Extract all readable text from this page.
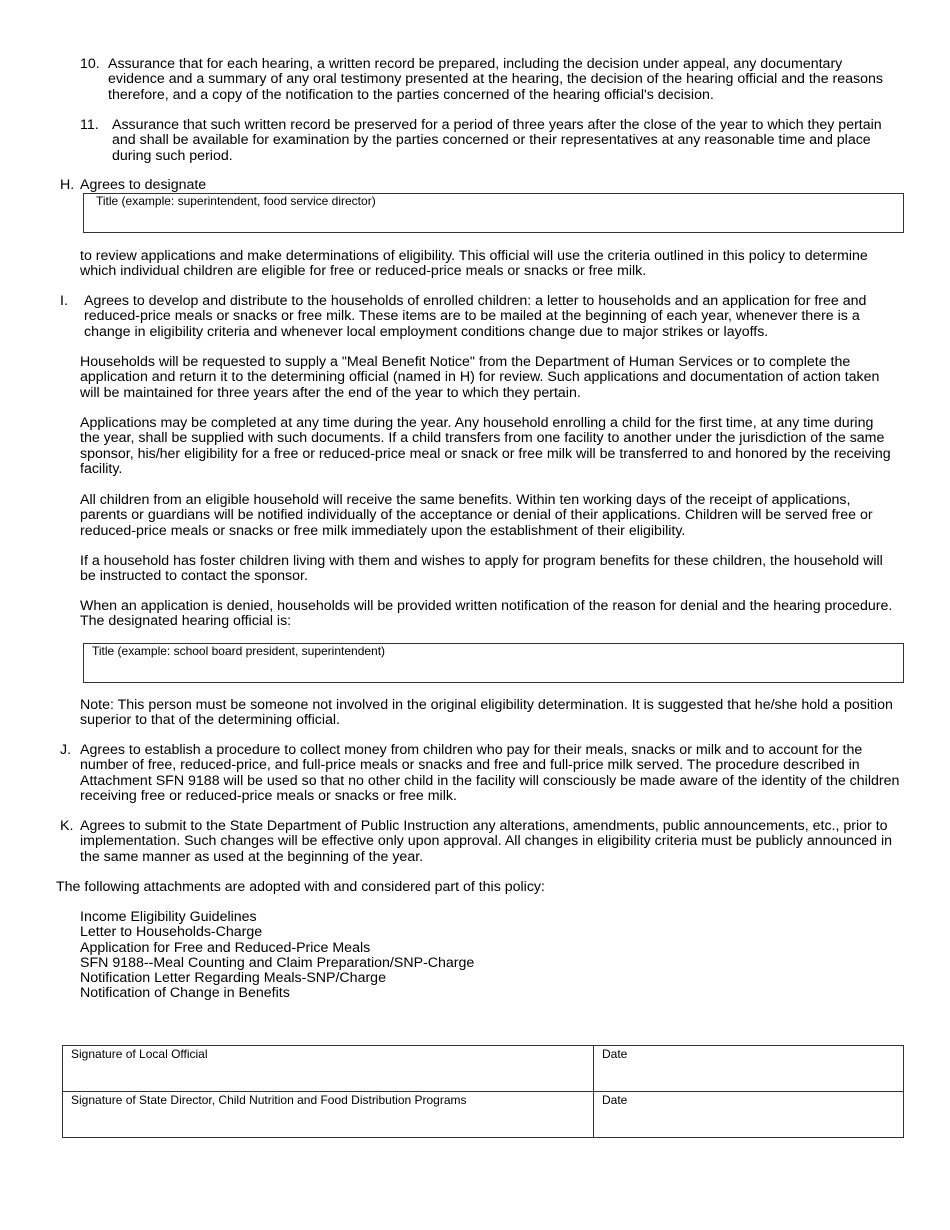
10. Assurance that for each hearing, a written record be prepared, including the decision under appeal, any documentary evidence and a summary of any oral testimony presented at the hearing, the decision of the hearing official and the reasons therefore, and a copy of the notification to the parties concerned of the hearing official's decision.
11. Assurance that such written record be preserved for a period of three years after the close of the year to which they pertain and shall be available for examination by the parties concerned or their representatives at any reasonable time and place during such period.
H. Agrees to designate
Title (example: superintendent, food service director)
to review applications and make determinations of eligibility. This official will use the criteria outlined in this policy to determine which individual children are eligible for free or reduced-price meals or snacks or free milk.
I. Agrees to develop and distribute to the households of enrolled children: a letter to households and an application for free and reduced-price meals or snacks or free milk. These items are to be mailed at the beginning of each year, whenever there is a change in eligibility criteria and whenever local employment conditions change due to major strikes or layoffs.
Households will be requested to supply a "Meal Benefit Notice" from the Department of Human Services or to complete the application and return it to the determining official (named in H) for review. Such applications and documentation of action taken will be maintained for three years after the end of the year to which they pertain.
Applications may be completed at any time during the year. Any household enrolling a child for the first time, at any time during the year, shall be supplied with such documents. If a child transfers from one facility to another under the jurisdiction of the same sponsor, his/her eligibility for a free or reduced-price meal or snack or free milk will be transferred to and honored by the receiving facility.
All children from an eligible household will receive the same benefits. Within ten working days of the receipt of applications, parents or guardians will be notified individually of the acceptance or denial of their applications. Children will be served free or reduced-price meals or snacks or free milk immediately upon the establishment of their eligibility.
If a household has foster children living with them and wishes to apply for program benefits for these children, the household will be instructed to contact the sponsor.
When an application is denied, households will be provided written notification of the reason for denial and the hearing procedure. The designated hearing official is:
Title (example: school board president, superintendent)
Note: This person must be someone not involved in the original eligibility determination. It is suggested that he/she hold a position superior to that of the determining official.
J. Agrees to establish a procedure to collect money from children who pay for their meals, snacks or milk and to account for the number of free, reduced-price, and full-price meals or snacks and free and full-price milk served. The procedure described in Attachment SFN 9188 will be used so that no other child in the facility will consciously be made aware of the identity of the children receiving free or reduced-price meals or snacks or free milk.
K. Agrees to submit to the State Department of Public Instruction any alterations, amendments, public announcements, etc., prior to implementation. Such changes will be effective only upon approval. All changes in eligibility criteria must be publicly announced in the same manner as used at the beginning of the year.
The following attachments are adopted with and considered part of this policy:
Income Eligibility Guidelines
Letter to Households-Charge
Application for Free and Reduced-Price Meals
SFN 9188--Meal Counting and Claim Preparation/SNP-Charge
Notification Letter Regarding Meals-SNP/Charge
Notification of Change in Benefits
Signature of Local Official	Date
Signature of State Director, Child Nutrition and Food Distribution Programs	Date
